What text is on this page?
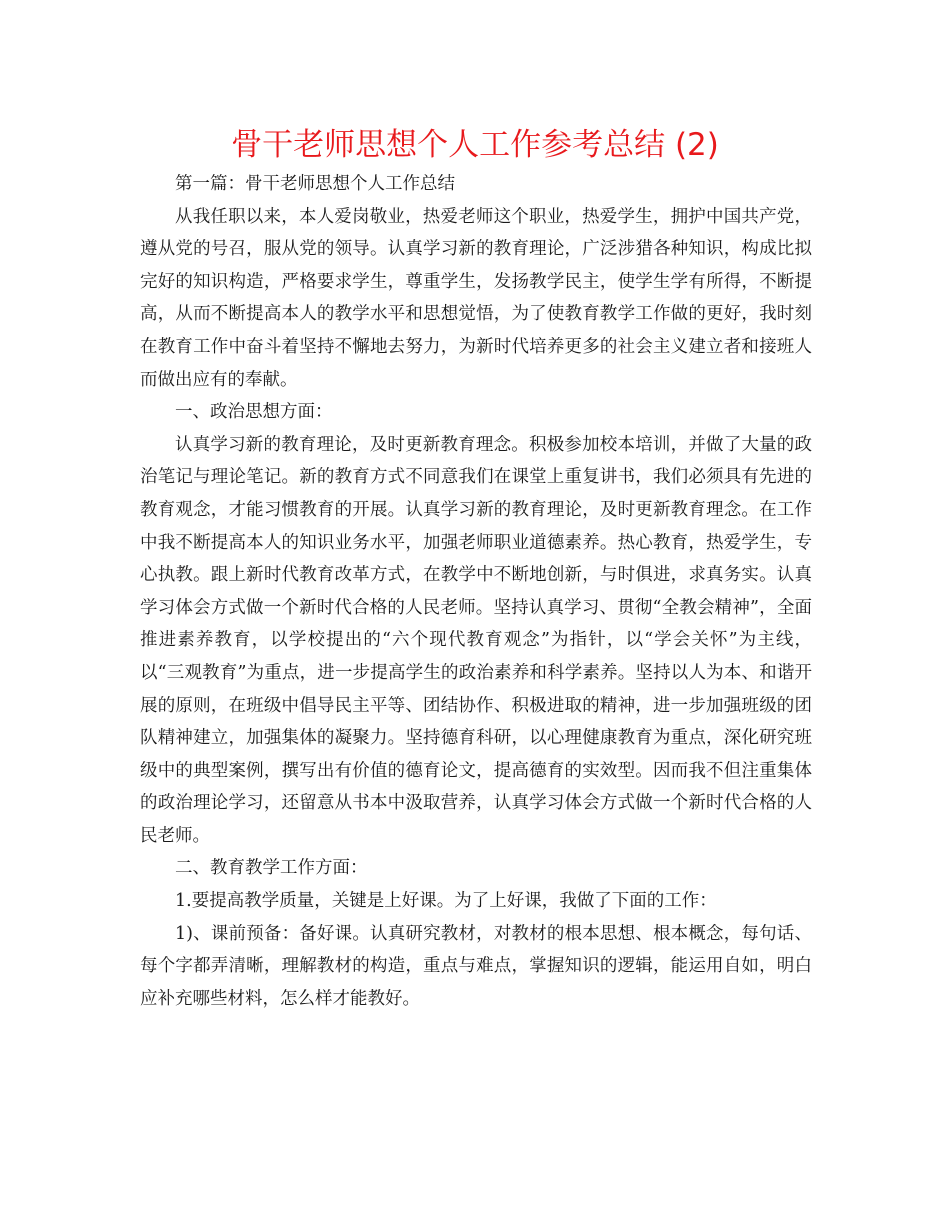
骨干老师思想个人工作参考总结 (2)

第一篇：骨干老师思想个人工作总结

从我任职以来，本人爱岗敬业，热爱老师这个职业，热爱学生，拥护中国共产党，遵从党的号召，服从党的领导。认真学习新的教育理论，广泛涉猎各种知识，构成比拟完好的知识构造，严格要求学生，尊重学生，发扬教学民主，使学生学有所得，不断提高，从而不断提高本人的教学水平和思想觉悟，为了使教育教学工作做的更好，我时刻在教育工作中奋斗着坚持不懈地去努力，为新时代培养更多的社会主义建立者和接班人而做出应有的奉献。

一、政治思想方面：

认真学习新的教育理论，及时更新教育理念。积极参加校本培训，并做了大量的政治笔记与理论笔记。新的教育方式不同意我们在课堂上重复讲书，我们必须具有先进的教育观念，才能习惯教育的开展。认真学习新的教育理论，及时更新教育理念。在工作中我不断提高本人的知识业务水平，加强老师职业道德素养。热心教育，热爱学生，专心执教。跟上新时代教育改革方式，在教学中不断地创新，与时俱进，求真务实。认真学习体会方式做一个新时代合格的人民老师。坚持认真学习、贯彻“全教会精神”，全面推进素养教育，以学校提出的“六个现代教育观念”为指针，以“学会关怀”为主线，以“三观教育”为重点，进一步提高学生的政治素养和科学素养。坚持以人为本、和谐开展的原则，在班级中倡导民主平等、团结协作、积极进取的精神，进一步加强班级的团队精神建立，加强集体的凝聚力。坚持德育科研，以心理健康教育为重点，深化研究班级中的典型案例，撰写出有价值的德育论文，提高德育的实效型。因而我不但注重集体的政治理论学习，还留意从书本中汲取营养，认真学习体会方式做一个新时代合格的人民老师。

二、教育教学工作方面：

1.要提高教学质量，关键是上好课。为了上好课，我做了下面的工作：

1)、课前预备：备好课。认真研究教材，对教材的根本思想、根本概念，每句话、每个字都弄清晰，理解教材的构造，重点与难点，掌握知识的逻辑，能运用自如，明白应补充哪些材料，怎么样才能教好。
